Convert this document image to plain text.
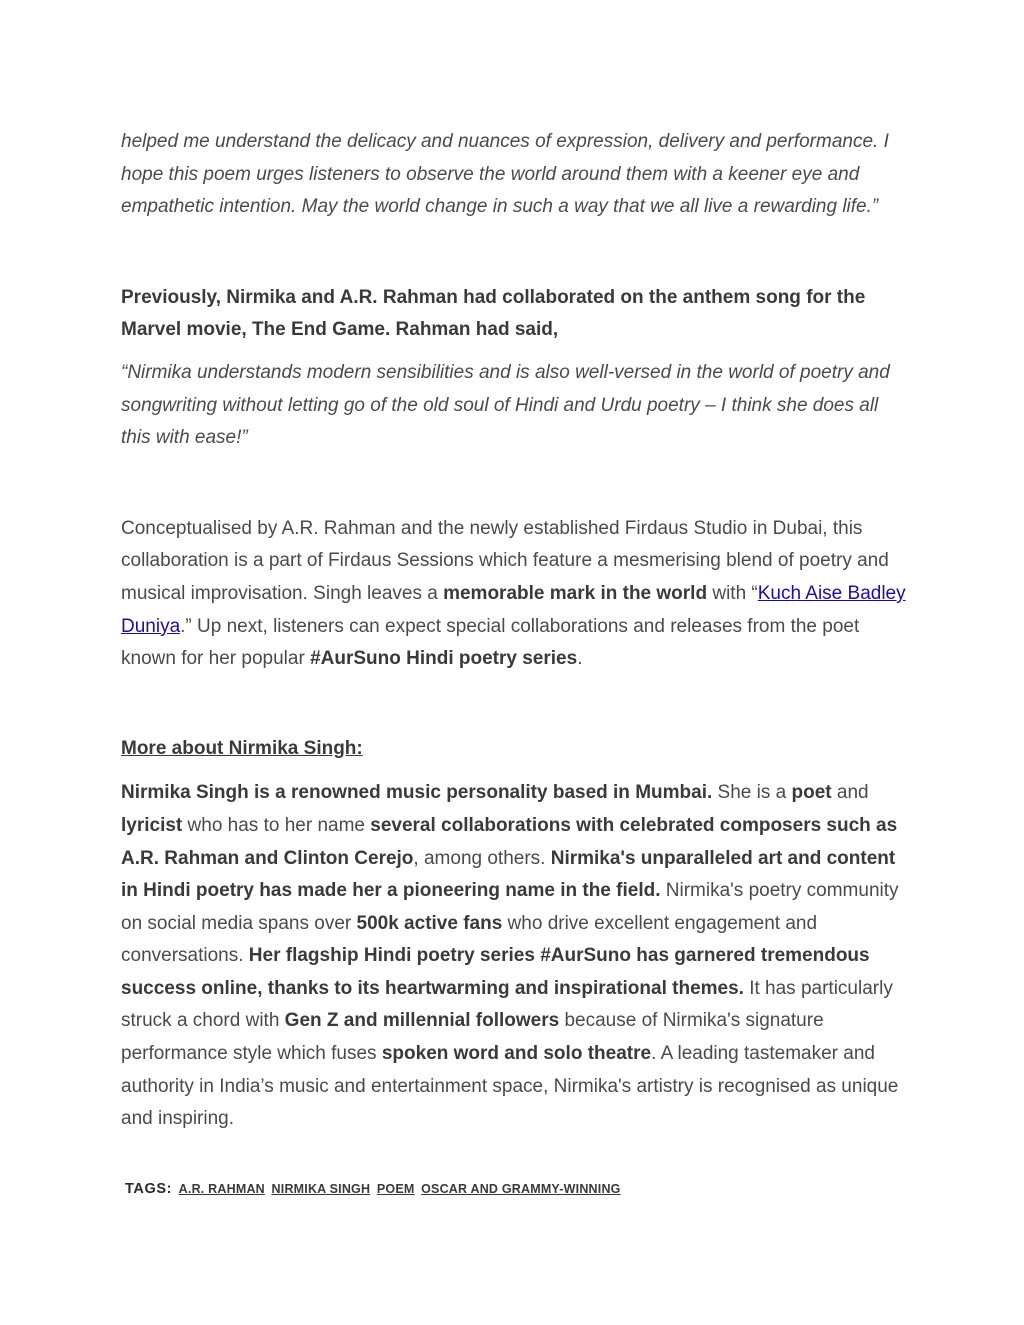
helped me understand the delicacy and nuances of expression, delivery and performance. I hope this poem urges listeners to observe the world around them with a keener eye and empathetic intention. May the world change in such a way that we all live a rewarding life.”

Previously, Nirmika and A.R. Rahman had collaborated on the anthem song for the Marvel movie, The End Game. Rahman had said,

“Nirmika understands modern sensibilities and is also well-versed in the world of poetry and songwriting without letting go of the old soul of Hindi and Urdu poetry – I think she does all this with ease!”

Conceptualised by A.R. Rahman and the newly established Firdaus Studio in Dubai, this collaboration is a part of Firdaus Sessions which feature a mesmerising blend of poetry and musical improvisation. Singh leaves a memorable mark in the world with “Kuch Aise Badley Duniya.” Up next, listeners can expect special collaborations and releases from the poet known for her popular #AurSuno Hindi poetry series.

More about Nirmika Singh:

Nirmika Singh is a renowned music personality based in Mumbai. She is a poet and lyricist who has to her name several collaborations with celebrated composers such as A.R. Rahman and Clinton Cerejo, among others. Nirmika's unparalleled art and content in Hindi poetry has made her a pioneering name in the field. Nirmika's poetry community on social media spans over 500k active fans who drive excellent engagement and conversations. Her flagship Hindi poetry series #AurSuno has garnered tremendous success online, thanks to its heartwarming and inspirational themes. It has particularly struck a chord with Gen Z and millennial followers because of Nirmika's signature performance style which fuses spoken word and solo theatre. A leading tastemaker and authority in India’s music and entertainment space, Nirmika's artistry is recognised as unique and inspiring.

TAGS: A.R. RAHMAN NIRMIKA SINGH POEM OSCAR AND GRAMMY-WINNING
